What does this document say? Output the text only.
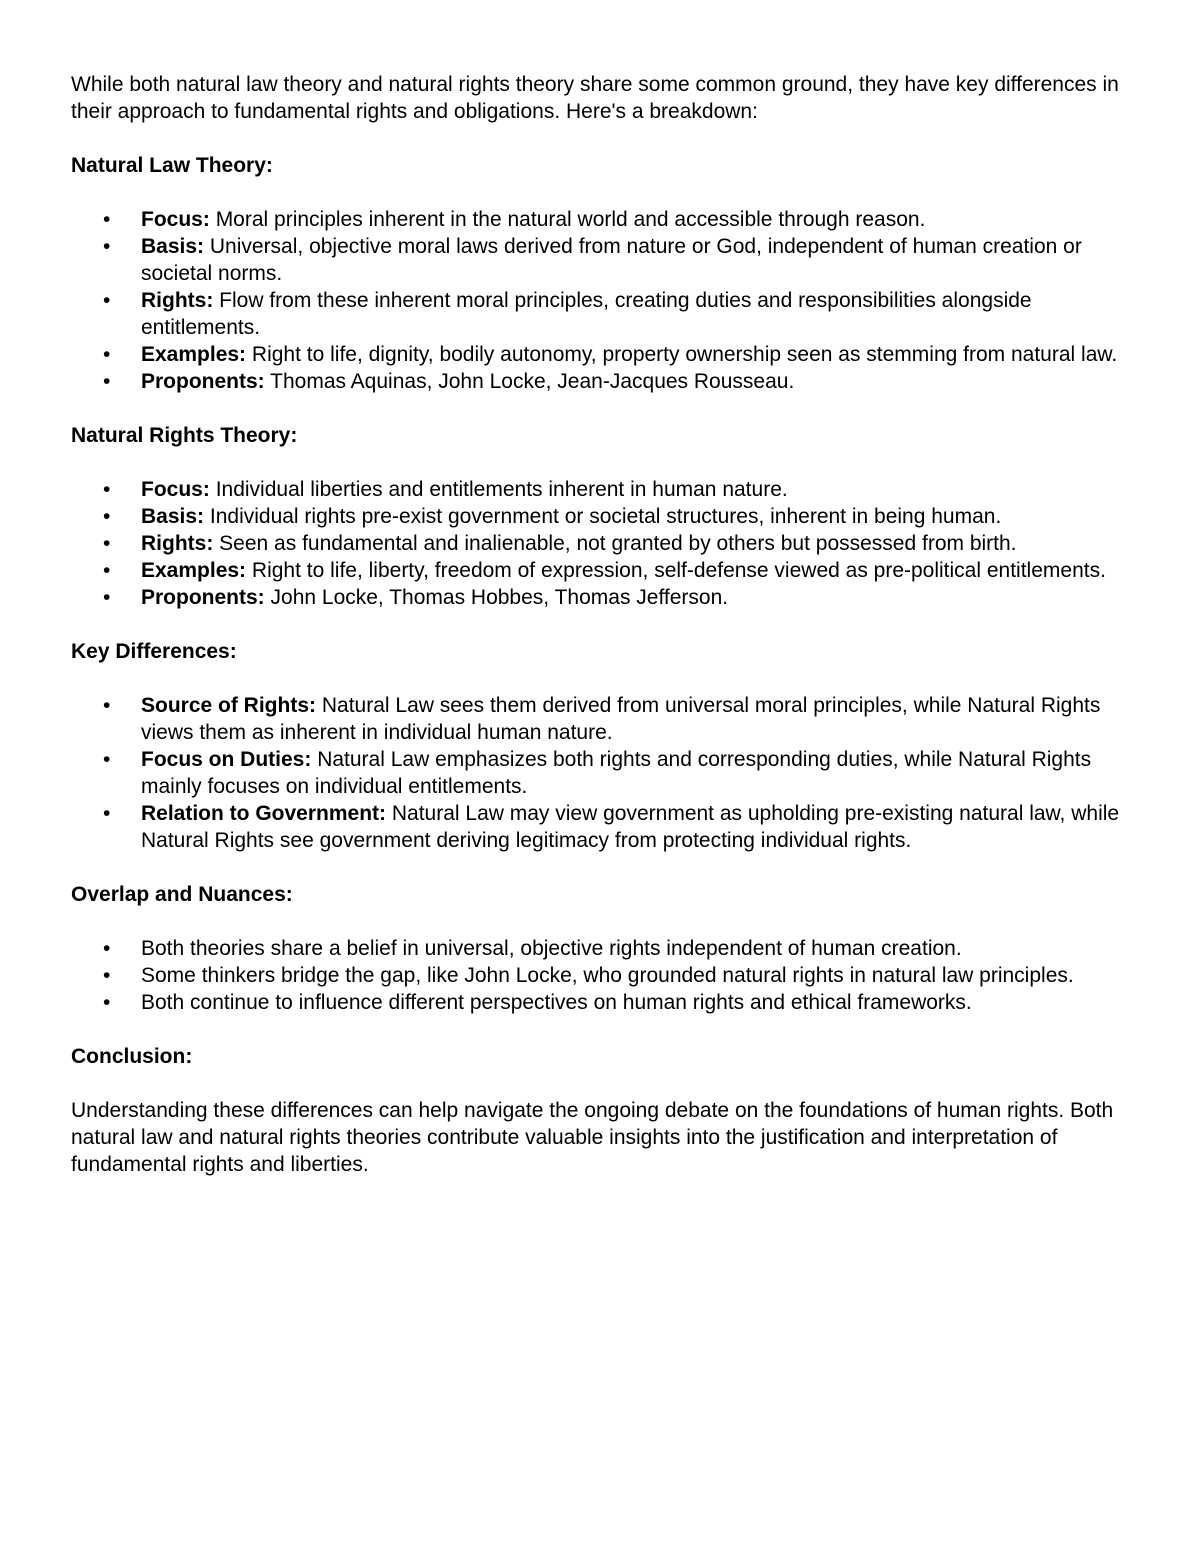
While both natural law theory and natural rights theory share some common ground, they have key differences in their approach to fundamental rights and obligations. Here's a breakdown:

Natural Law Theory:

•	Focus: Moral principles inherent in the natural world and accessible through reason.
•	Basis: Universal, objective moral laws derived from nature or God, independent of human creation or societal norms.
•	Rights: Flow from these inherent moral principles, creating duties and responsibilities alongside entitlements.
•	Examples: Right to life, dignity, bodily autonomy, property ownership seen as stemming from natural law.
•	Proponents: Thomas Aquinas, John Locke, Jean-Jacques Rousseau.

Natural Rights Theory:

•	Focus: Individual liberties and entitlements inherent in human nature.
•	Basis: Individual rights pre-exist government or societal structures, inherent in being human.
•	Rights: Seen as fundamental and inalienable, not granted by others but possessed from birth.
•	Examples: Right to life, liberty, freedom of expression, self-defense viewed as pre-political entitlements.
•	Proponents: John Locke, Thomas Hobbes, Thomas Jefferson.

Key Differences:

•	Source of Rights: Natural Law sees them derived from universal moral principles, while Natural Rights views them as inherent in individual human nature.
•	Focus on Duties: Natural Law emphasizes both rights and corresponding duties, while Natural Rights mainly focuses on individual entitlements.
•	Relation to Government: Natural Law may view government as upholding pre-existing natural law, while Natural Rights see government deriving legitimacy from protecting individual rights.

Overlap and Nuances:

•	Both theories share a belief in universal, objective rights independent of human creation.
•	Some thinkers bridge the gap, like John Locke, who grounded natural rights in natural law principles.
•	Both continue to influence different perspectives on human rights and ethical frameworks.

Conclusion:

Understanding these differences can help navigate the ongoing debate on the foundations of human rights. Both natural law and natural rights theories contribute valuable insights into the justification and interpretation of fundamental rights and liberties.
